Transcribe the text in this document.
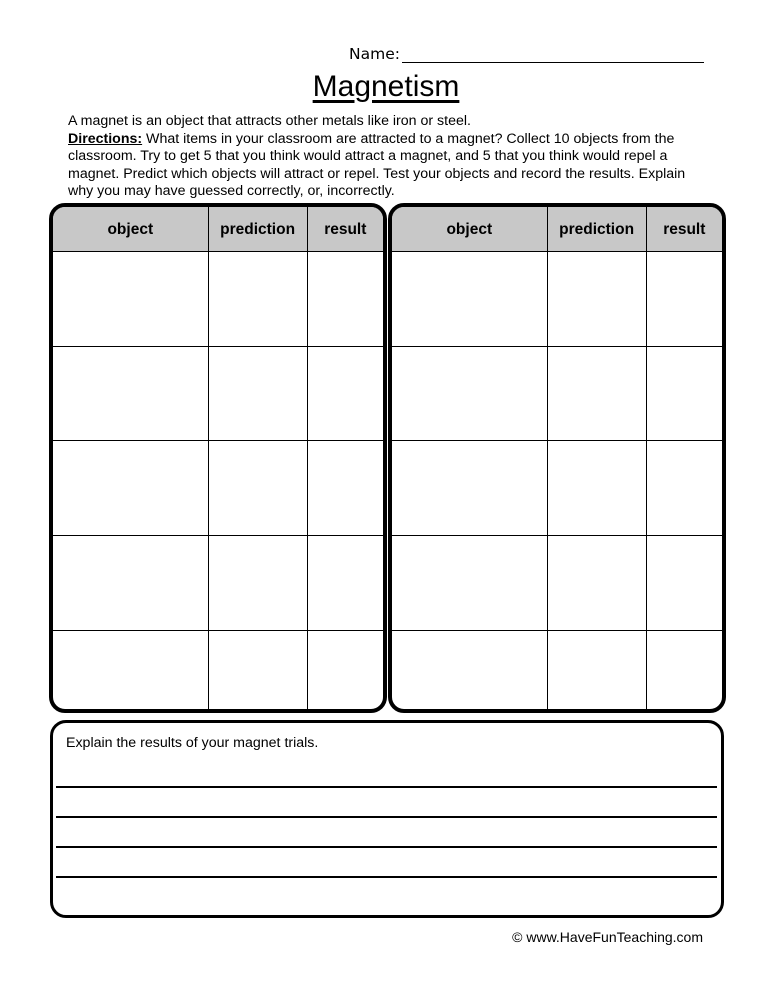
Name:
Magnetism

A magnet is an object that attracts other metals like iron or steel.

Directions: What items in your classroom are attracted to a magnet? Collect 10 objects from the classroom. Try to get 5 that you think would attract a magnet, and 5 that you think would repel a magnet. Predict which objects will attract or repel. Test your objects and record the results. Explain why you may have guessed correctly, or, incorrectly.

object	prediction	result

			object	prediction	result

Explain the results of your magnet trials.
© www.HaveFunTeaching.com
